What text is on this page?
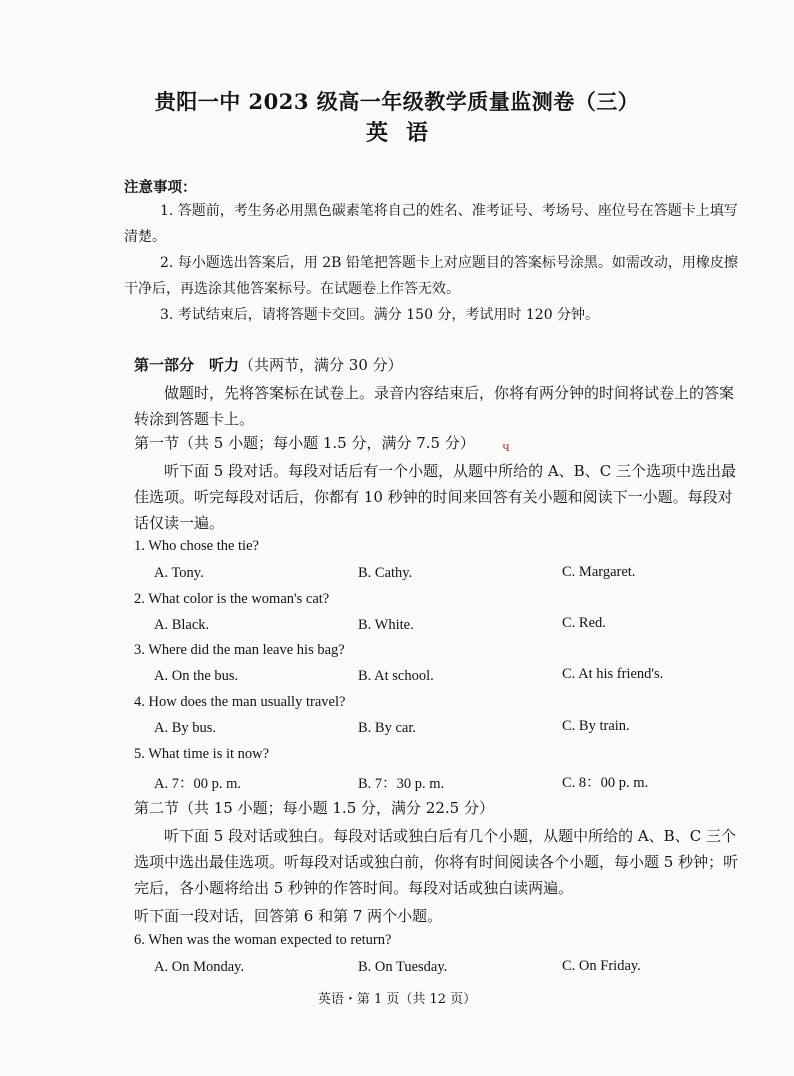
贵阳一中 2023 级高一年级教学质量监测卷（三）
英语
注意事项：
1. 答题前，考生务必用黑色碳素笔将自己的姓名、准考证号、考场号、座位号在答题卡上填写清楚。
2. 每小题选出答案后，用 2B 铅笔把答题卡上对应题目的答案标号涂黑。如需改动，用橡皮擦干净后，再选涂其他答案标号。在试题卷上作答无效。
3. 考试结束后，请将答题卡交回。满分 150 分，考试用时 120 分钟。
第一部分　听力（共两节，满分 30 分）
做题时，先将答案标在试卷上。录音内容结束后，你将有两分钟的时间将试卷上的答案转涂到答题卡上。
第一节（共 5 小题；每小题 1.5 分，满分 7.5 分） ч
听下面 5 段对话。每段对话后有一个小题，从题中所给的 A、B、C 三个选项中选出最佳选项。听完每段对话后，你都有 10 秒钟的时间来回答有关小题和阅读下一小题。每段对话仅读一遍。
1. Who chose the tie?
A. Tony.	B. Cathy.	C. Margaret.
2. What color is the woman's cat?
A. Black.	B. White.	C. Red.
3. Where did the man leave his bag?
A. On the bus.	B. At school.	C. At his friend's.
4. How does the man usually travel?
A. By bus.	B. By car.	C. By train.
5. What time is it now?
A. 7：00 p. m.	B. 7：30 p. m.	C. 8：00 p. m.
第二节（共 15 小题；每小题 1.5 分，满分 22.5 分）
听下面 5 段对话或独白。每段对话或独白后有几个小题，从题中所给的 A、B、C 三个选项中选出最佳选项。听每段对话或独白前，你将有时间阅读各个小题，每小题 5 秒钟；听完后，各小题将给出 5 秒钟的作答时间。每段对话或独白读两遍。
听下面一段对话，回答第 6 和第 7 两个小题。
6. When was the woman expected to return?
A. On Monday.	B. On Tuesday.	C. On Friday.
英语・第 1 页（共 12 页）
